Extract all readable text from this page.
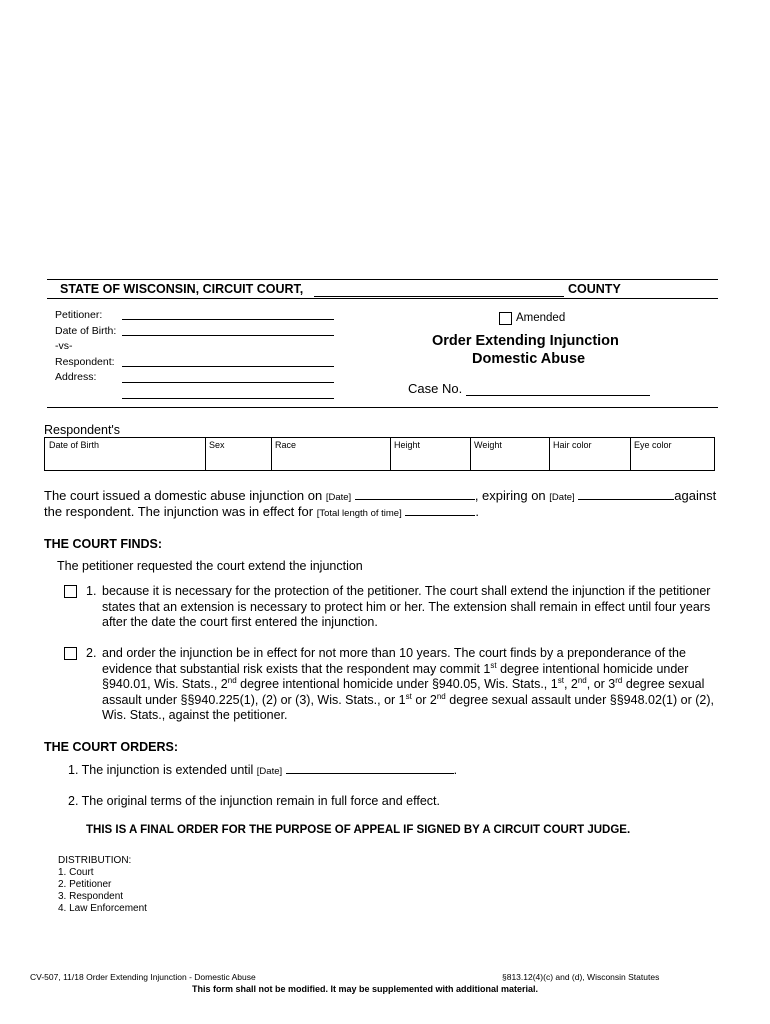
STATE OF WISCONSIN, CIRCUIT COURT,	COUNTY
Petitioner:
Date of Birth:
-vs-
Respondent:
Address:
Amended
Order Extending Injunction
Domestic Abuse
Case No.
Respondent's
Date of Birth	Sex	Race	Height	Weight	Hair color	Eye color
The court issued a domestic abuse injunction on [Date]	, expiring on [Date]	against
the respondent. The injunction was in effect for [Total length of time]	.
THE COURT FINDS:
The petitioner requested the court extend the injunction
1. because it is necessary for the protection of the petitioner. The court shall extend the injunction if the petitioner
states that an extension is necessary to protect him or her. The extension shall remain in effect until four years
after the date the court first entered the injunction.
2. and order the injunction be in effect for not more than 10 years. The court finds by a preponderance of the
evidence that substantial risk exists that the respondent may commit 1st degree intentional homicide under
§940.01, Wis. Stats., 2nd degree intentional homicide under §940.05, Wis. Stats., 1st, 2nd, or 3rd degree sexual
assault under §§940.225(1), (2) or (3), Wis. Stats., or 1st or 2nd degree sexual assault under §§948.02(1) or (2),
Wis. Stats., against the petitioner.
THE COURT ORDERS:
1. The injunction is extended until [Date]	.
2. The original terms of the injunction remain in full force and effect.
THIS IS A FINAL ORDER FOR THE PURPOSE OF APPEAL IF SIGNED BY A CIRCUIT COURT JUDGE.
DISTRIBUTION:
1. Court
2. Petitioner
3. Respondent
4. Law Enforcement
CV-507, 11/18 Order Extending Injunction - Domestic Abuse	§813.12(4)(c) and (d), Wisconsin Statutes
This form shall not be modified. It may be supplemented with additional material.
